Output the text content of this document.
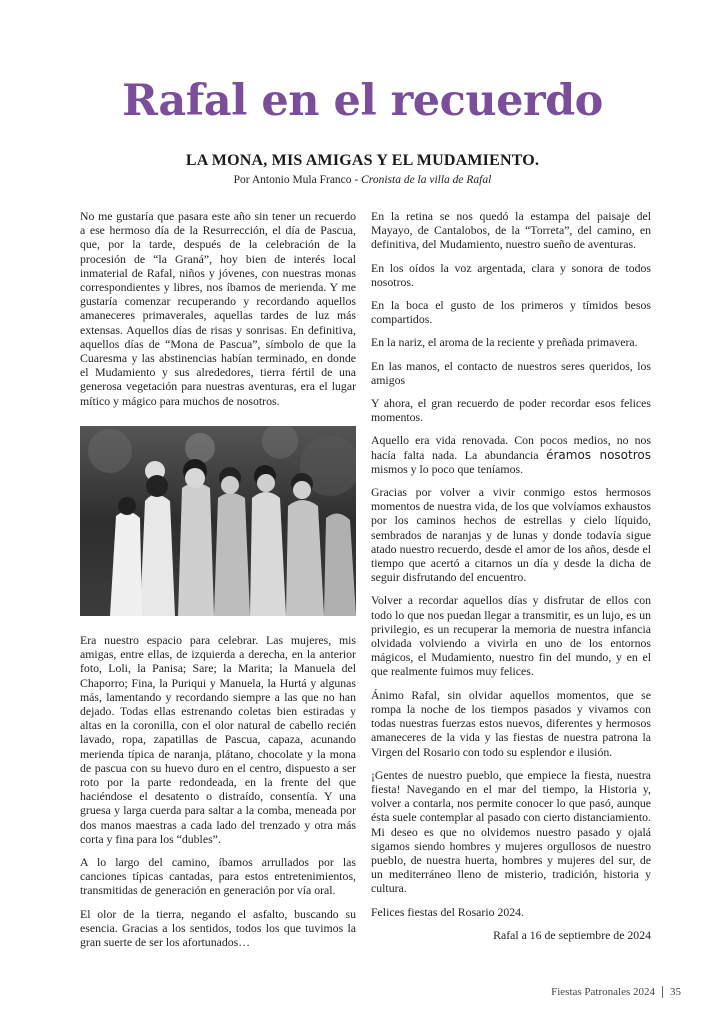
Rafal en el recuerdo
LA MONA, MIS AMIGAS Y EL MUDAMIENTO.

Por Antonio Mula Franco - Cronista de la villa de Rafal

No me gustaría que pasara este año sin tener un recuerdo a ese hermoso día de la Resurrección, el día de Pascua, que, por la tarde, después de la celebración de la procesión de “la Graná”, hoy bien de interés local inmaterial de Rafal, niños y jóvenes, con nuestras monas correspondientes y libres, nos íbamos de merienda. Y me gustaría comenzar recuperando y recordando aquellos amaneceres primaverales, aquellas tardes de luz más extensas. Aquellos días de risas y sonrisas. En definitiva, aquellos días de “Mona de Pascua”, símbolo de que la Cuaresma y las abstinencias habían terminado, en donde el Mudamiento y sus alrededores, tierra fértil de una generosa vegetación para nuestras aventuras, era el lugar mítico y mágico para muchos de nosotros.

Era nuestro espacio para celebrar. Las mujeres, mis amigas, entre ellas, de izquierda a derecha, en la anterior foto, Loli, la Panisa; Sare; la Marita; la Manuela del Chaporro; Fina, la Puriqui y Manuela, la Hurtá y algunas más, lamentando y recordando siempre a las que no han dejado. Todas ellas estrenando coletas bien estiradas y altas en la coronilla, con el olor natural de cabello recién lavado, ropa, zapatillas de Pascua, capaza, acunando merienda típica de naranja, plátano, chocolate y la mona de pascua con su huevo duro en el centro, dispuesto a ser roto por la parte redondeada, en la frente del que haciéndose el desatento o distraído, consentía. Y una gruesa y larga cuerda para saltar a la comba, meneada por dos manos maestras a cada lado del trenzado y otra más corta y fina para los “dubles”.

A lo largo del camino, íbamos arrullados por las canciones típicas cantadas, para estos entretenimientos, transmitidas de generación en generación por vía oral.

El olor de la tierra, negando el asfalto, buscando su esencia. Gracias a los sentidos, todos los que tuvimos la gran suerte de ser los afortunados…

En la retina se nos quedó la estampa del paisaje del Mayayo, de Cantalobos, de la “Torreta”, del camino, en definitiva, del Mudamiento, nuestro sueño de aventuras.

En los oídos la voz argentada, clara y sonora de todos nosotros.

En la boca el gusto de los primeros y tímidos besos compartidos.

En la nariz, el aroma de la reciente y preñada primavera.

En las manos, el contacto de nuestros seres queridos, los amigos

Y ahora, el gran recuerdo de poder recordar esos felices momentos.

Aquello era vida renovada. Con pocos medios, no nos hacía falta nada. La abundancia éramos nosotros mismos y lo poco que teníamos.

Gracias por volver a vivir conmigo estos hermosos momentos de nuestra vida, de los que volvíamos exhaustos por los caminos hechos de estrellas y cielo líquido, sembrados de naranjas y de lunas y donde todavía sigue atado nuestro recuerdo, desde el amor de los años, desde el tiempo que acertó a citarnos un día y desde la dicha de seguir disfrutando del encuentro.

Volver a recordar aquellos días y disfrutar de ellos con todo lo que nos puedan llegar a transmitir, es un lujo, es un privilegio, es un recuperar la memoria de nuestra infancia olvidada volviendo a vivirla en uno de los entornos mágicos, el Mudamiento, nuestro fin del mundo, y en el que realmente fuimos muy felices.

Ánimo Rafal, sin olvidar aquellos momentos, que se rompa la noche de los tiempos pasados y vivamos con todas nuestras fuerzas estos nuevos, diferentes y hermosos amaneceres de la vida y las fiestas de nuestra patrona la Virgen del Rosario con todo su esplendor e ilusión.

¡Gentes de nuestro pueblo, que empiece la fiesta, nuestra fiesta! Navegando en el mar del tiempo, la Historia y, volver a contarla, nos permite conocer lo que pasó, aunque ésta suele contemplar al pasado con cierto distanciamiento. Mi deseo es que no olvidemos nuestro pasado y ojalá sigamos siendo hombres y mujeres orgullosos de nuestro pueblo, de nuestra huerta, hombres y mujeres del sur, de un mediterráneo lleno de misterio, tradición, historia y cultura.

Felices fiestas del Rosario 2024.

Rafal a 16 de septiembre de 2024

Fiestas Patronales 2024 35
